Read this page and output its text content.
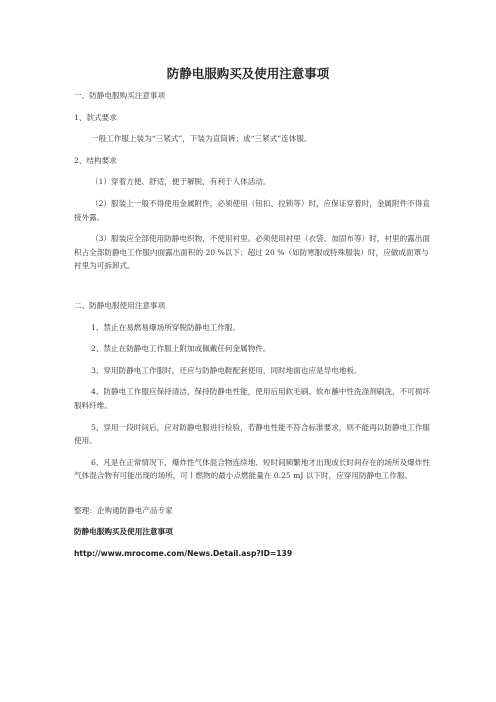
防静电服购买及使用注意事项

一、防静电服购买注意事项

1、款式要求

一般工作服上装为“三紧式”，下装为直筒裤；或“三紧式”连体服。

2、结构要求

（1）穿着方便、舒适，便于解脱，有利于人体活动。

（2）服装上一般不得使用金属附件，必须使用（钮扣、拉锁等）时，应保证穿着时，金属附件不得直接外露。

（3）服装应全部使用防静电织物，不使用衬里。必须使用衬里（衣袋、加固布等）时，衬里的露出面积占全部防静电工作服内面露出面积的 20 %以下；超过 20 %（如防寒服或特殊服装）时，应做成面罩与衬里为可拆卸式。

二、防静电服使用注意事项

1、禁止在易燃易爆场所穿脱防静电工作服。

2、禁止在防静电工作服上附加或佩戴任何金属物件。

3、穿用防静电工作服时，还应与防静电鞋配套使用，同时地面也应是导电地板。

4、防静电工作服应保持清洁，保持防静电性能，使用后用软毛刷、软布蘸中性洗涤剂刷洗，不可损坏服料纤维。

5、穿用一段时间后，应对防静电服进行检验，若静电性能不符合标准要求，则不能再以防静电工作服使用。

6、凡是在正常情况下，爆炸性气体混合物连续地、短时间频繁地才出现或长时间存在的场所及爆炸性气体混合物有可能出现的场所，可丨燃物的最小点燃能量在 0.25 mJ 以下时，应穿用防静电工作服。

整理：企购通防静电产品专家

防静电服购买及使用注意事项

http://www.mrocome.com/News.Detail.asp?ID=139
